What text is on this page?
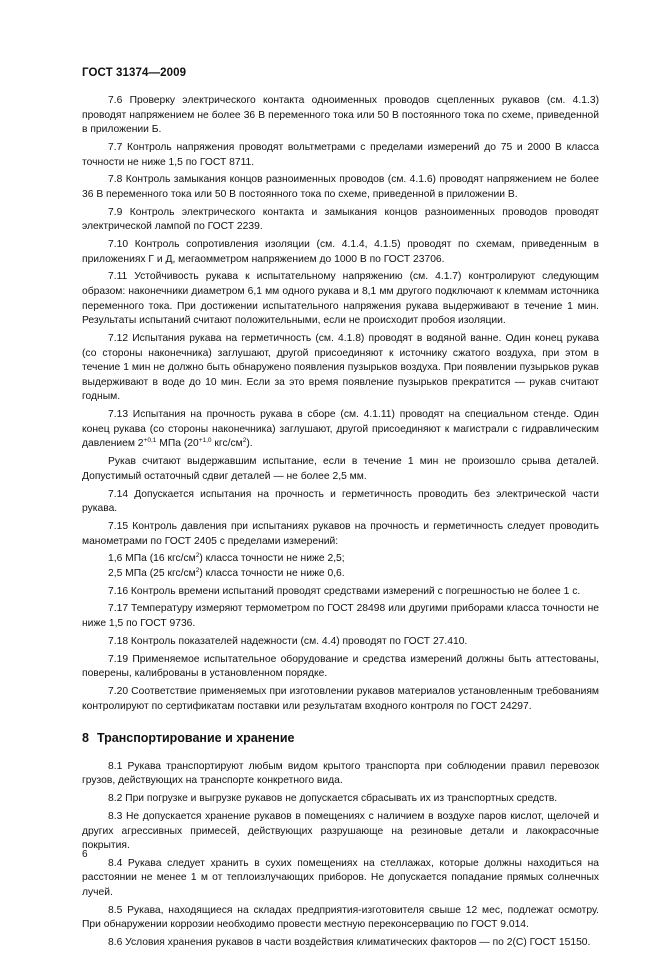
ГОСТ 31374—2009

7.6 Проверку электрического контакта одноименных проводов сцепленных рукавов (см. 4.1.3) проводят напряжением не более 36 В переменного тока или 50 В постоянного тока по схеме, приведенной в приложении Б.

7.7 Контроль напряжения проводят вольтметрами с пределами измерений до 75 и 2000 В класса точности не ниже 1,5 по ГОСТ 8711.

7.8 Контроль замыкания концов разноименных проводов (см. 4.1.6) проводят напряжением не более 36 В переменного тока или 50 В постоянного тока по схеме, приведенной в приложении В.

7.9 Контроль электрического контакта и замыкания концов разноименных проводов проводят электрической лампой по ГОСТ 2239.

7.10 Контроль сопротивления изоляции (см. 4.1.4, 4.1.5) проводят по схемам, приведенным в приложениях Г и Д, мегаомметром напряжением до 1000 В по ГОСТ 23706.

7.11 Устойчивость рукава к испытательному напряжению (см. 4.1.7) контролируют следующим образом: наконечники диаметром 6,1 мм одного рукава и 8,1 мм другого подключают к клеммам источника переменного тока. При достижении испытательного напряжения рукава выдерживают в течение 1 мин. Результаты испытаний считают положительными, если не происходит пробоя изоляции.

7.12 Испытания рукава на герметичность (см. 4.1.8) проводят в водяной ванне. Один конец рукава (со стороны наконечника) заглушают, другой присоединяют к источнику сжатого воздуха, при этом в течение 1 мин не должно быть обнаружено появления пузырьков воздуха. При появлении пузырьков рукав выдерживают в воде до 10 мин. Если за это время появление пузырьков прекратится — рукав считают годным.

7.13 Испытания на прочность рукава в сборе (см. 4.1.11) проводят на специальном стенде. Один конец рукава (со стороны наконечника) заглушают, другой присоединяют к магистрали с гидравлическим давлением $2^{+0,1}$ МПа ($20^{+1,0}$ кгс/$см^2$).

Рукав считают выдержавшим испытание, если в течение 1 мин не произошло срыва деталей. Допустимый остаточный сдвиг деталей — не более 2,5 мм.

7.14 Допускается испытания на прочность и герметичность проводить без электрической части рукава.

7.15 Контроль давления при испытаниях рукавов на прочность и герметичность следует проводить манометрами по ГОСТ 2405 с пределами измерений:

1,6 МПа (16 кгс/$см^2$) класса точности не ниже 2,5;

2,5 МПа (25 кгс/$см^2$) класса точности не ниже 0,6.

7.16 Контроль времени испытаний проводят средствами измерений с погрешностью не более 1 с.

7.17 Температуру измеряют термометром по ГОСТ 28498 или другими приборами класса точности не ниже 1,5 по ГОСТ 9736.

7.18 Контроль показателей надежности (см. 4.4) проводят по ГОСТ 27.410.

7.19 Применяемое испытательное оборудование и средства измерений должны быть аттестованы, поверены, калиброваны в установленном порядке.

7.20 Соответствие применяемых при изготовлении рукавов материалов установленным требованиям контролируют по сертификатам поставки или результатам входного контроля по ГОСТ 24297.

8 Транспортирование и хранение

8.1 Рукава транспортируют любым видом крытого транспорта при соблюдении правил перевозок грузов, действующих на транспорте конкретного вида.

8.2 При погрузке и выгрузке рукавов не допускается сбрасывать их из транспортных средств.

8.3 Не допускается хранение рукавов в помещениях с наличием в воздухе паров кислот, щелочей и других агрессивных примесей, действующих разрушающе на резиновые детали и лакокрасочные покрытия.

8.4 Рукава следует хранить в сухих помещениях на стеллажах, которые должны находиться на расстоянии не менее 1 м от теплоизлучающих приборов. Не допускается попадание прямых солнечных лучей.

8.5 Рукава, находящиеся на складах предприятия-изготовителя свыше 12 мес, подлежат осмотру. При обнаружении коррозии необходимо провести местную переконсервацию по ГОСТ 9.014.

8.6 Условия хранения рукавов в части воздействия климатических факторов — по 2(С) ГОСТ 15150.

6
